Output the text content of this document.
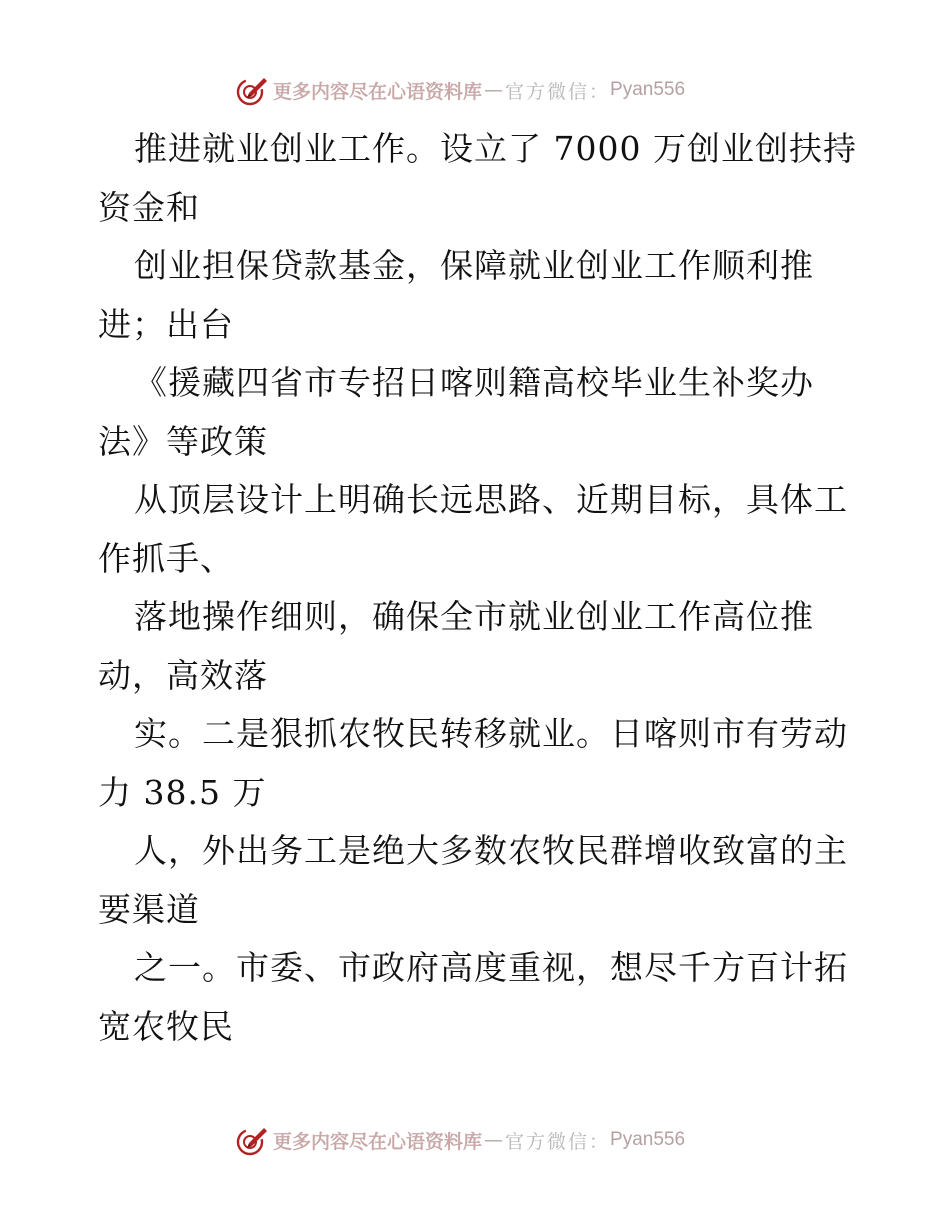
更多内容尽在心语资料库 — 官方微信： Pyan556
推进就业创业工作。设立了 7000 万创业创扶持
资金和
创业担保贷款基金，保障就业创业工作顺利推
进；出台
《援藏四省市专招日喀则籍高校毕业生补奖办
法》等政策
从顶层设计上明确长远思路、近期目标，具体工
作抓手、
落地操作细则，确保全市就业创业工作高位推
动，高效落
实。二是狠抓农牧民转移就业。日喀则市有劳动
力 38.5 万
人，外出务工是绝大多数农牧民群增收致富的主
要渠道
之一。市委、市政府高度重视，想尽千方百计拓
宽农牧民
更多内容尽在心语资料库 — 官方微信： Pyan556
